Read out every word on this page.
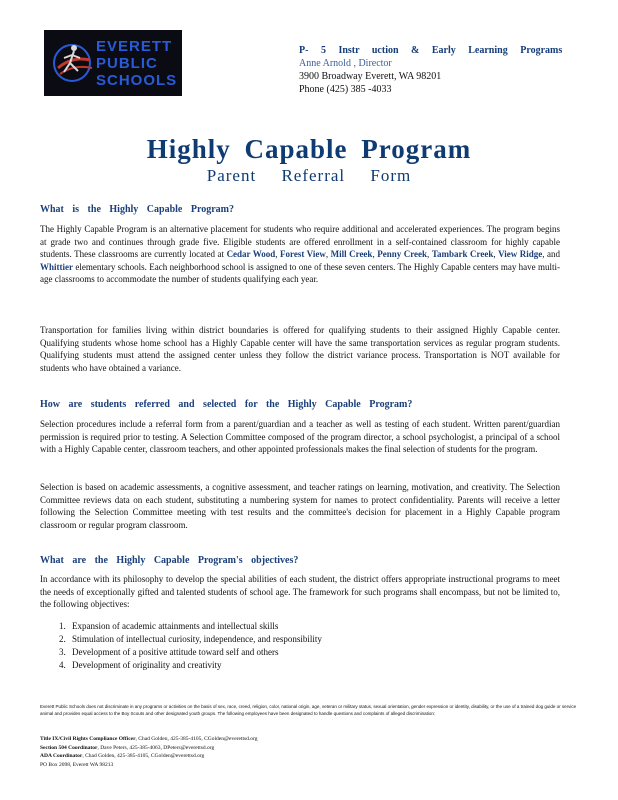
EVERETT
PUBLIC
SCHOOLS
P- 5 Instr uction & Early Learning Programs
Anne Arnold , Director
3900 Broadway Everett, WA 98201
Phone (425) 385 -4033
Highly Capable Program
Parent Referral Form
What is the Highly Capable Program?
The Highly Capable Program is an alternative placement for students who require additional and accelerated experiences. The program begins at grade two and continues through grade five. Eligible students are offered enrollment in a self-contained classroom for highly capable students. These classrooms are currently located at Cedar Wood, Forest View, Mill Creek, Penny Creek, Tambark Creek, View Ridge, and Whittier elementary schools. Each neighborhood school is assigned to one of these seven centers. The Highly Capable centers may have multi-age classrooms to accommodate the number of students qualifying each year.
Transportation for families living within district boundaries is offered for qualifying students to their assigned Highly Capable center. Qualifying students whose home school has a Highly Capable center will have the same transportation services as regular program students. Qualifying students must attend the assigned center unless they follow the district variance process. Transportation is NOT available for students who have obtained a variance.
How are students referred and selected for the Highly Capable Program?
Selection procedures include a referral form from a parent/guardian and a teacher as well as testing of each student. Written parent/guardian permission is required prior to testing. A Selection Committee composed of the program director, a school psychologist, a principal of a school with a Highly Capable center, classroom teachers, and other appointed professionals makes the final selection of students for the program.
Selection is based on academic assessments, a cognitive assessment, and teacher ratings on learning, motivation, and creativity. The Selection Committee reviews data on each student, substituting a numbering system for names to protect confidentiality. Parents will receive a letter following the Selection Committee meeting with test results and the committee's decision for placement in a Highly Capable program classroom or regular program classroom.
What are the Highly Capable Program's objectives?
In accordance with its philosophy to develop the special abilities of each student, the district offers appropriate instructional programs to meet the needs of exceptionally gifted and talented students of school age. The framework for such programs shall encompass, but not be limited to, the following objectives:
1. Expansion of academic attainments and intellectual skills
2. Stimulation of intellectual curiosity, independence, and responsibility
3. Development of a positive attitude toward self and others
4. Development of originality and creativity
Everett Public Schools does not discriminate in any programs or activities on the basis of sex, race, creed, religion, color, national origin, age, veteran or military status, sexual orientation, gender expression or identity, disability, or the use of a trained dog guide or service animal and provides equal access to the Boy Scouts and other designated youth groups. The following employees have been designated to handle questions and complaints of alleged discrimination:
Title IX/Civil Rights Compliance Officer, Chad Golden, 425-385-4105, CGolden@everettsd.org
Section 504 Coordinator, Dave Peters, 425-385-4063, DPeters@everettsd.org
ADA Coordinator, Chad Golden, 425-385-4105, CGolden@everettsd.org
PO Box 2098, Everett WA 98213
